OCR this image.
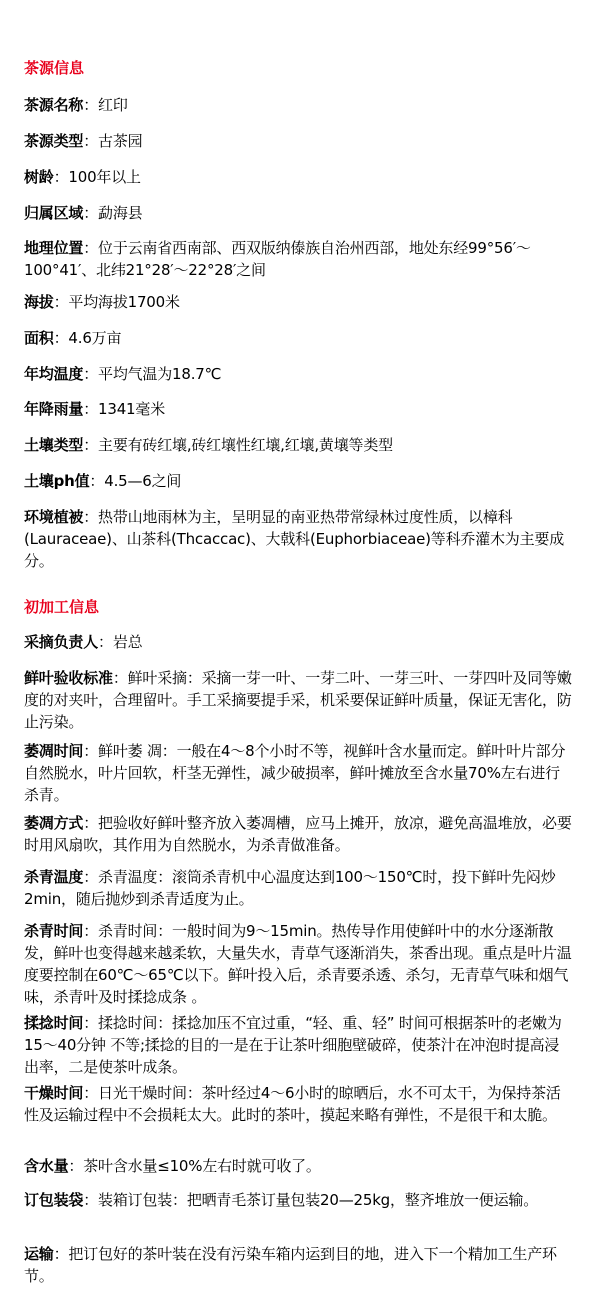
茶源信息
茶源名称：红印
茶源类型：古茶园
树龄：100年以上
归属区域：勐海县
地理位置：位于云南省西南部、西双版纳傣族自治州西部，地处东经99°56′～100°41′、北纬21°28′～22°28′之间
海拔：平均海拔1700米
面积：4.6万亩
年均温度：平均气温为18.7℃
年降雨量：1341毫米
土壤类型：主要有砖红壤,砖红壤性红壤,红壤,黄壤等类型
土壤ph值：4.5—6之间
环境植被：热带山地雨林为主，呈明显的南亚热带常绿林过度性质，以樟科(Lauraceae)、山茶科(Thcaccac)、大戟科(Euphorbiaceae)等科乔灌木为主要成分。
初加工信息
采摘负责人：岩总
鲜叶验收标准：鲜叶采摘：采摘一芽一叶、一芽二叶、一芽三叶、一芽四叶及同等嫩度的对夹叶，合理留叶。手工采摘要提手采，机采要保证鲜叶质量，保证无害化，防止污染。
萎凋时间：鲜叶萎 凋：一般在4～8个小时不等，视鲜叶含水量而定。鲜叶叶片部分自然脱水，叶片回软，杆茎无弹性，减少破损率，鲜叶摊放至含水量70%左右进行杀青。
萎凋方式：把验收好鲜叶整齐放入萎凋槽，应马上摊开，放凉，避免高温堆放，必要时用风扇吹，其作用为自然脱水，为杀青做准备。
杀青温度：杀青温度：滚筒杀青机中心温度达到100～150℃时，投下鲜叶先闷炒2min，随后抛炒到杀青适度为止。
杀青时间：杀青时间：一般时间为9～15min。热传导作用使鲜叶中的水分逐渐散发，鲜叶也变得越来越柔软，大量失水，青草气逐渐消失，茶香出现。重点是叶片温度要控制在60℃～65℃以下。鲜叶投入后，杀青要杀透、杀匀，无青草气味和烟气味，杀青叶及时揉捻成条 。
揉捻时间：揉捻时间：揉捻加压不宜过重，“轻、重、轻” 时间可根据茶叶的老嫩为15～40分钟 不等;揉捻的目的一是在于让茶叶细胞壁破碎，使茶汁在冲泡时提高浸出率，二是使茶叶成条。
干燥时间：日光干燥时间：茶叶经过4～6小时的晾晒后，水不可太干，为保持茶活性及运输过程中不会损耗太大。此时的茶叶，摸起来略有弹性，不是很干和太脆。
含水量：茶叶含水量≤10%左右时就可收了。
订包装袋：装箱订包装：把晒青毛茶订量包装20—25kg，整齐堆放一便运输。
运输：把订包好的茶叶装在没有污染车箱内运到目的地，进入下一个精加工生产环节。
